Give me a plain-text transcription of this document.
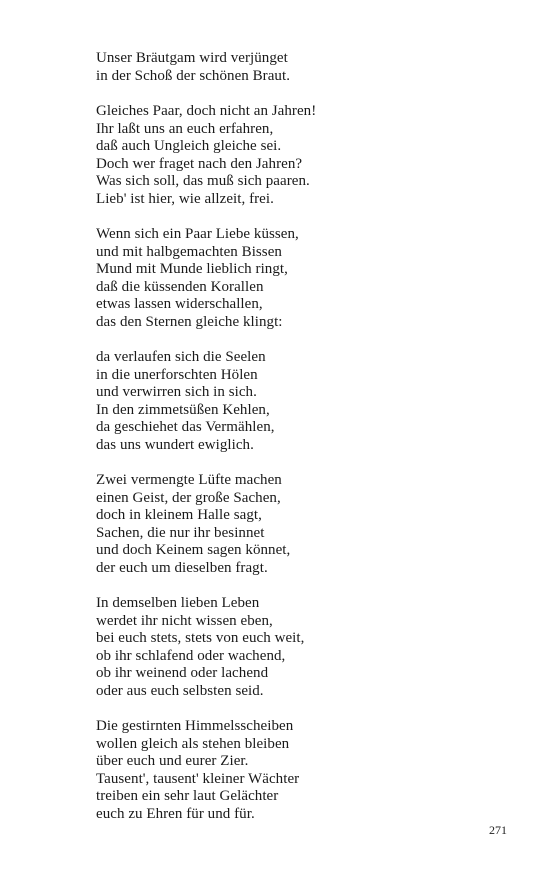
Unser Bräutgam wird verjünget
in der Schoß der schönen Braut.
Gleiches Paar, doch nicht an Jahren!
Ihr laßt uns an euch erfahren,
daß auch Ungleich gleiche sei.
Doch wer fraget nach den Jahren?
Was sich soll, das muß sich paaren.
Lieb' ist hier, wie allzeit, frei.
Wenn sich ein Paar Liebe küssen,
und mit halbgemachten Bissen
Mund mit Munde lieblich ringt,
daß die küssenden Korallen
etwas lassen widerschallen,
das den Sternen gleiche klingt:
da verlaufen sich die Seelen
in die unerforschten Hölen
und verwirren sich in sich.
In den zimmetsüßen Kehlen,
da geschiehet das Vermählen,
das uns wundert ewiglich.
Zwei vermengte Lüfte machen
einen Geist, der große Sachen,
doch in kleinem Halle sagt,
Sachen, die nur ihr besinnet
und doch Keinem sagen könnet,
der euch um dieselben fragt.
In demselben lieben Leben
werdet ihr nicht wissen eben,
bei euch stets, stets von euch weit,
ob ihr schlafend oder wachend,
ob ihr weinend oder lachend
oder aus euch selbsten seid.
Die gestirnten Himmelsscheiben
wollen gleich als stehen bleiben
über euch und eurer Zier.
Tausent', tausent' kleiner Wächter
treiben ein sehr laut Gelächter
euch zu Ehren für und für.
271
